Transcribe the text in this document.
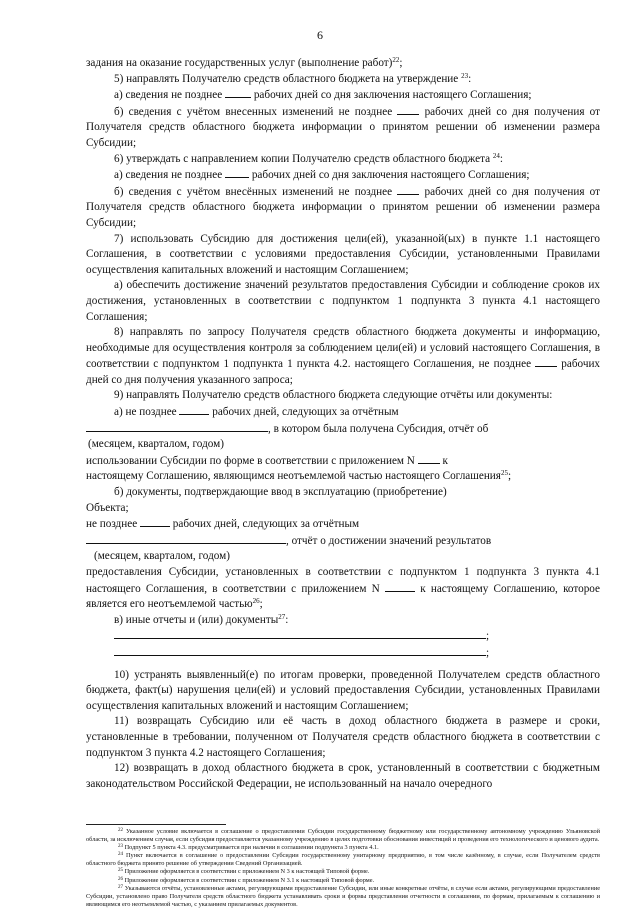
6

задания на оказание государственных услуг (выполнение работ)$^{22}$;

5) направлять Получателю средств областного бюджета на утверждение $^{23}$:

а) сведения не позднее	рабочих дней со дня заключения настоящего Соглашения;

б) сведения с учётом внесенных изменений не позднее	рабочих дней со дня получения от Получателя средств областного бюджета информации о принятом решении об изменении размера Субсидии;

6) утверждать с направлением копии Получателю средств областного бюджета $^{24}$:

а) сведения не позднее	рабочих дней со дня заключения настоящего Соглашения;

б) сведения с учётом внесённых изменений не позднее	рабочих дней со дня получения от Получателя средств областного бюджета информации о принятом решении об изменении размера Субсидии;

7) использовать Субсидию для достижения цели(ей), указанной(ых) в пункте 1.1 настоящего Соглашения, в соответствии с условиями предоставления Субсидии, установленными Правилами осуществления капитальных вложений и настоящим Соглашением;

а) обеспечить достижение значений результатов предоставления Субсидии и соблюдение сроков их достижения, установленных в соответствии с подпунктом 1 подпункта 3 пункта 4.1 настоящего Соглашения;

8) направлять по запросу Получателя средств областного бюджета документы и информацию, необходимые для осуществления контроля за соблюдением цели(ей) и условий настоящего Соглашения, в соответствии с подпунктом 1 подпункта 1 пункта 4.2. настоящего Соглашения, не позднее	рабочих дней со дня получения указанного запроса;

9) направлять Получателю средств областного бюджета следующие отчёты или документы:

а) не позднее	рабочих дней, следующих за отчётным

, в котором была получена Субсидия, отчёт об

(месяцем, кварталом, годом)

использовании Субсидии по форме в соответствии с приложением N к

настоящему Соглашению, являющимся неотъемлемой частью настоящего Соглашения$^{25}$;

б) документы, подтверждающие ввод в эксплуатацию (приобретение)

Объекта;

не позднее	рабочих дней, следующих за отчётным

, отчёт о достижении значений результатов

(месяцем, кварталом, годом)

предоставления Субсидии, установленных в соответствии с подпунктом 1 подпункта 3 пункта 4.1 настоящего Соглашения, в соответствии с приложением N	к настоящему Соглашению, которое является его неотъемлемой частью$^{26}$;

в) иные отчеты и (или) документы$^{27}$:

;

;

10) устранять выявленный(е) по итогам проверки, проведенной Получателем средств областного бюджета, факт(ы) нарушения цели(ей) и условий предоставления Субсидии, установленных Правилами осуществления капитальных вложений и настоящим Соглашением;

11) возвращать Субсидию или её часть в доход областного бюджета в размере и сроки, установленные в требовании, полученном от Получателя средств областного бюджета в соответствии с подпунктом 3 пункта 4.2 настоящего Соглашения;

12) возвращать в доход областного бюджета в срок, установленный в соответствии с бюджетным законодательством Российской Федерации, не использованный на начало очередного

$^{22}$ Указанное условие включается в соглашение о предоставлении Субсидии государственному бюджетному или государственному автономному учреждению Ульяновской области, за исключением случая, если субсидия предоставляется указанному учреждению в целях подготовки обоснования инвестиций и проведения его технологического и ценового аудита.

$^{23}$ Подпункт 5 пункта 4.3. предусматривается при наличии в соглашении подпункта 3 пункта 4.1.

$^{24}$ Пункт включается в соглашение о предоставлении Субсидии государственному унитарному предприятию, в том числе казённому, в случае, если Получателем средств областного бюджета принято решение об утверждении Сведений Организацией.

$^{25}$ Приложение оформляется в соответствии с приложением N 3 к настоящей Типовой форме.

$^{26}$ Приложение оформляется в соответствии с приложением N 3.1 к настоящей Типовой форме.

$^{27}$ Указываются отчёты, установленные актами, регулирующими предоставление Субсидии, или иные конкретные отчёты, в случае если актами, регулирующими предоставление Субсидии, установлено право Получателя средств областного бюджета устанавливать сроки и формы представления отчетности в соглашении, по формам, прилагаемым к соглашению и являющимся его неотъемлемой частью, с указанием прилагаемых документов.
